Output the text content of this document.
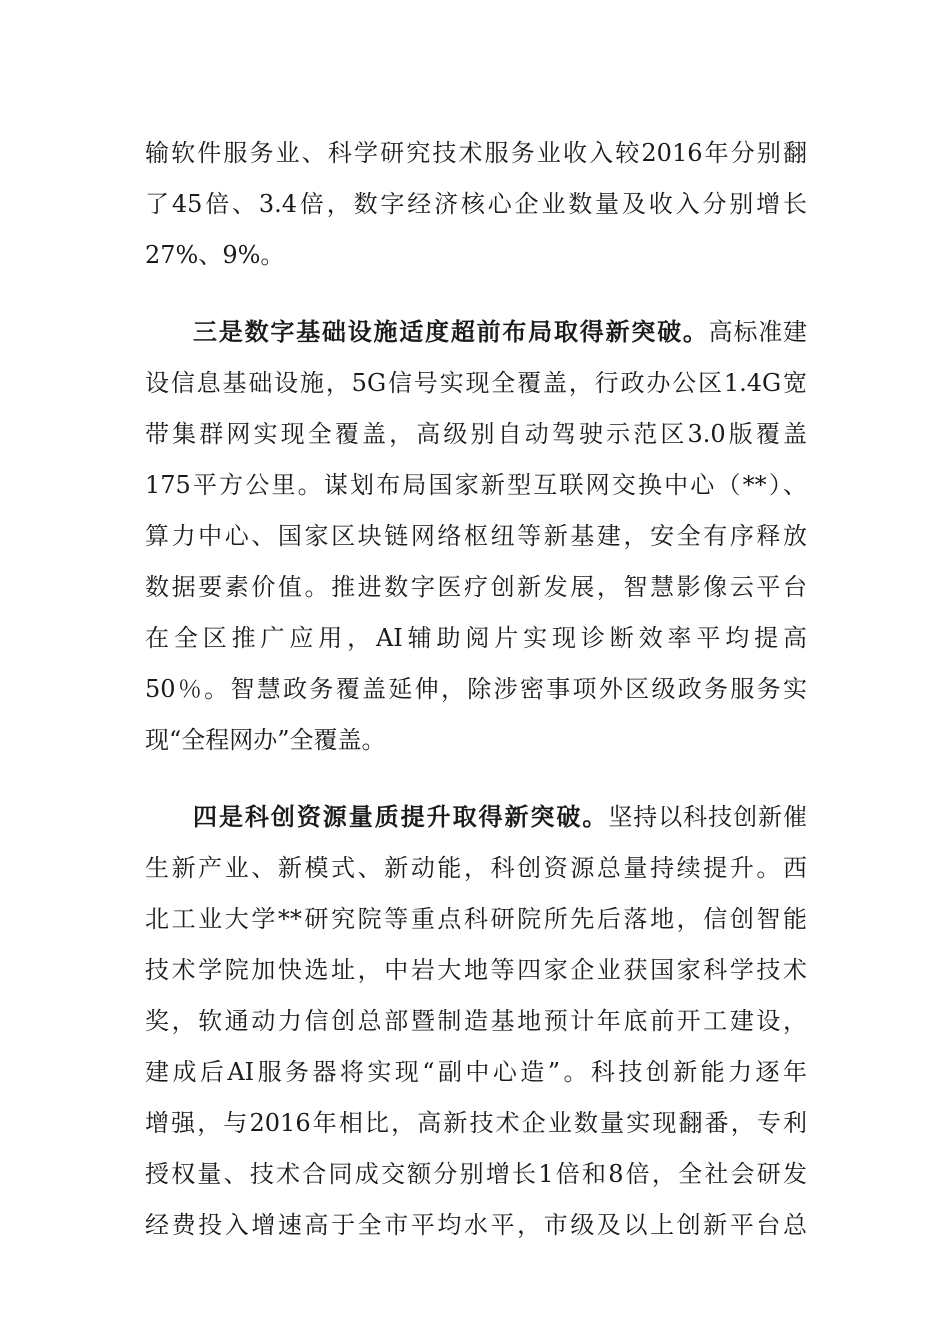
输软件服务业、科学研究技术服务业收入较2016年分别翻
了45倍、3.4倍，数字经济核心企业数量及收入分别增长
27%、9%。
三是数字基础设施适度超前布局取得新突破。高标准建
设信息基础设施，5G信号实现全覆盖，行政办公区1.4G宽
带集群网实现全覆盖，高级别自动驾驶示范区3.0版覆盖
175平方公里。谋划布局国家新型互联网交换中心（**）、
算力中心、国家区块链网络枢纽等新基建，安全有序释放
数据要素价值。推进数字医疗创新发展，智慧影像云平台
在全区推广应用，AI辅助阅片实现诊断效率平均提高
50％。智慧政务覆盖延伸，除涉密事项外区级政务服务实
现“全程网办”全覆盖。
四是科创资源量质提升取得新突破。坚持以科技创新催
生新产业、新模式、新动能，科创资源总量持续提升。西
北工业大学**研究院等重点科研院所先后落地，信创智能
技术学院加快选址，中岩大地等四家企业获国家科学技术
奖，软通动力信创总部暨制造基地预计年底前开工建设，
建成后AI服务器将实现“副中心造”。科技创新能力逐年
增强，与2016年相比，高新技术企业数量实现翻番，专利
授权量、技术合同成交额分别增长1倍和8倍，全社会研发
经费投入增速高于全市平均水平，市级及以上创新平台总
